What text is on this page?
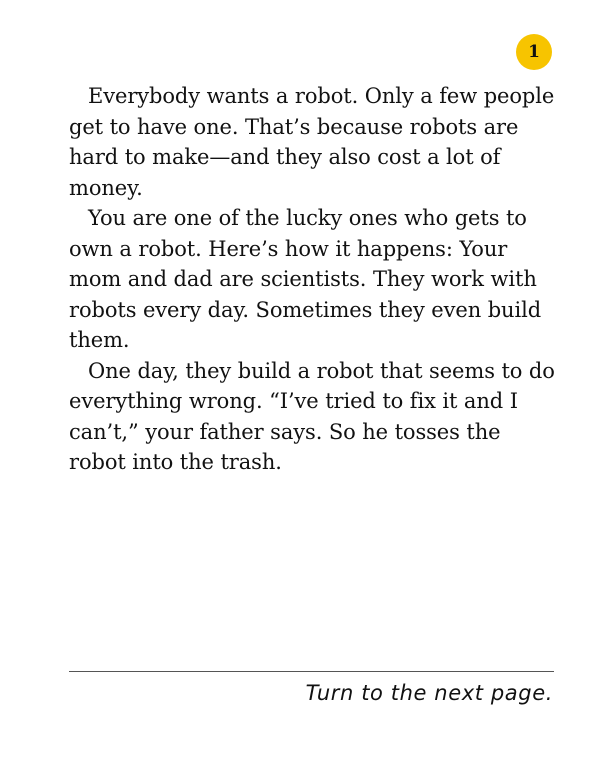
1

Everybody wants a robot. Only a few people get to have one. That’s because robots are hard to make—and they also cost a lot of money.

You are one of the lucky ones who gets to own a robot. Here’s how it happens: Your mom and dad are scientists. They work with robots every day. Sometimes they even build them.

One day, they build a robot that seems to do everything wrong. “I’ve tried to fix it and I can’t,” your father says. So he tosses the robot into the trash.

Turn to the next page.
